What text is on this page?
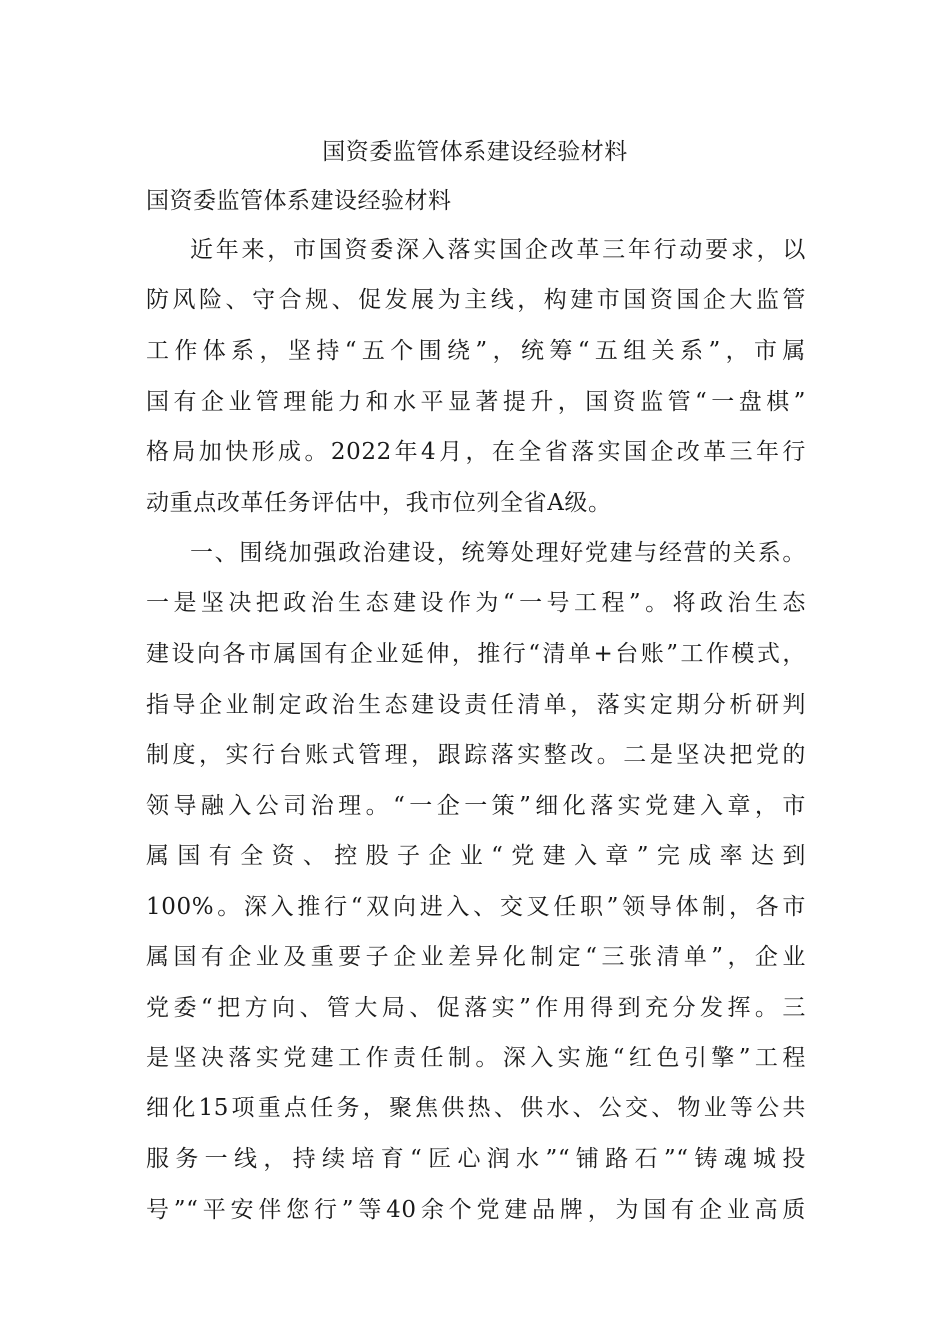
国资委监管体系建设经验材料
国资委监管体系建设经验材料
近年来，市国资委深入落实国企改革三年行动要求，以
防风险、守合规、促发展为主线，构建市国资国企大监管
工作体系，坚持“五个围绕”，统筹“五组关系”，市属
国有企业管理能力和水平显著提升，国资监管“一盘棋”
格局加快形成。2022年4月，在全省落实国企改革三年行
动重点改革任务评估中，我市位列全省A级。
一、围绕加强政治建设，统筹处理好党建与经营的关系。
一是坚决把政治生态建设作为“一号工程”。将政治生态
建设向各市属国有企业延伸，推行“清单+台账”工作模式，
指导企业制定政治生态建设责任清单，落实定期分析研判
制度，实行台账式管理，跟踪落实整改。二是坚决把党的
领导融入公司治理。“一企一策”细化落实党建入章，市
属国有全资、控股子企业“党建入章”完成率达到
100%。深入推行“双向进入、交叉任职”领导体制，各市
属国有企业及重要子企业差异化制定“三张清单”，企业
党委“把方向、管大局、促落实”作用得到充分发挥。三
是坚决落实党建工作责任制。深入实施“红色引擎”工程
细化15项重点任务，聚焦供热、供水、公交、物业等公共
服务一线，持续培育“匠心润水”“铺路石”“铸魂城投
号”“平安伴您行”等40余个党建品牌，为国有企业高质
